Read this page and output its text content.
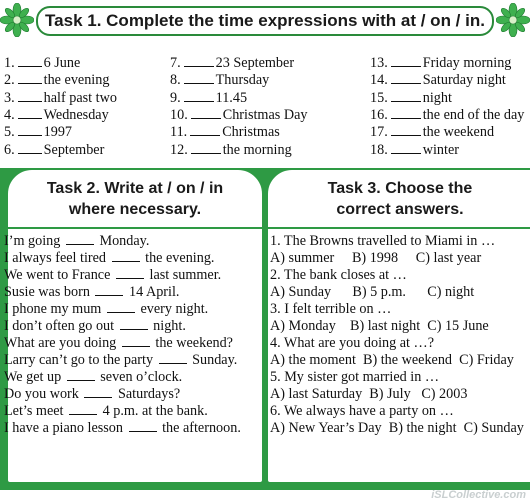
Task 1. Complete the time expressions with at / on / in.
1. 6 June
2. the evening
3. half past two
4. Wednesday
5. 1997
6. September
7. 23 September
8. Thursday
9. 11.45
10. Christmas Day
11. Christmas
12. the morning
13. Friday morning
14. Saturday night
15. night
16. the end of the day
17. the weekend
18. winter
Task 2. Write at / on / in
where necessary.
Task 3. Choose the
correct answers.
I’m going	Monday.
I always feel tired	the evening.
We went to France	last summer.
Susie was born	14 April.
I phone my mum	every night.
I don’t often go out	night.
What are you doing	the weekend?
Larry can’t go to the party	Sunday.
We get up	seven o’clock.
Do you work	Saturdays?
Let’s meet	4 p.m. at the bank.
I have a piano lesson	the afternoon.
1. The Browns travelled to Miami in …
A) summer     B) 1998     C) last year
2. The bank closes at …
A) Sunday      B) 5 p.m.      C) night
3. I felt terrible on …
A) Monday    B) last night  C) 15 June
4. What are you doing at …?
A) the moment  B) the weekend  C) Friday
5. My sister got married in …
A) last Saturday  B) July   C) 2003
6. We always have a party on …
A) New Year’s Day  B) the night  C) Sunday
iSLCollective.com
